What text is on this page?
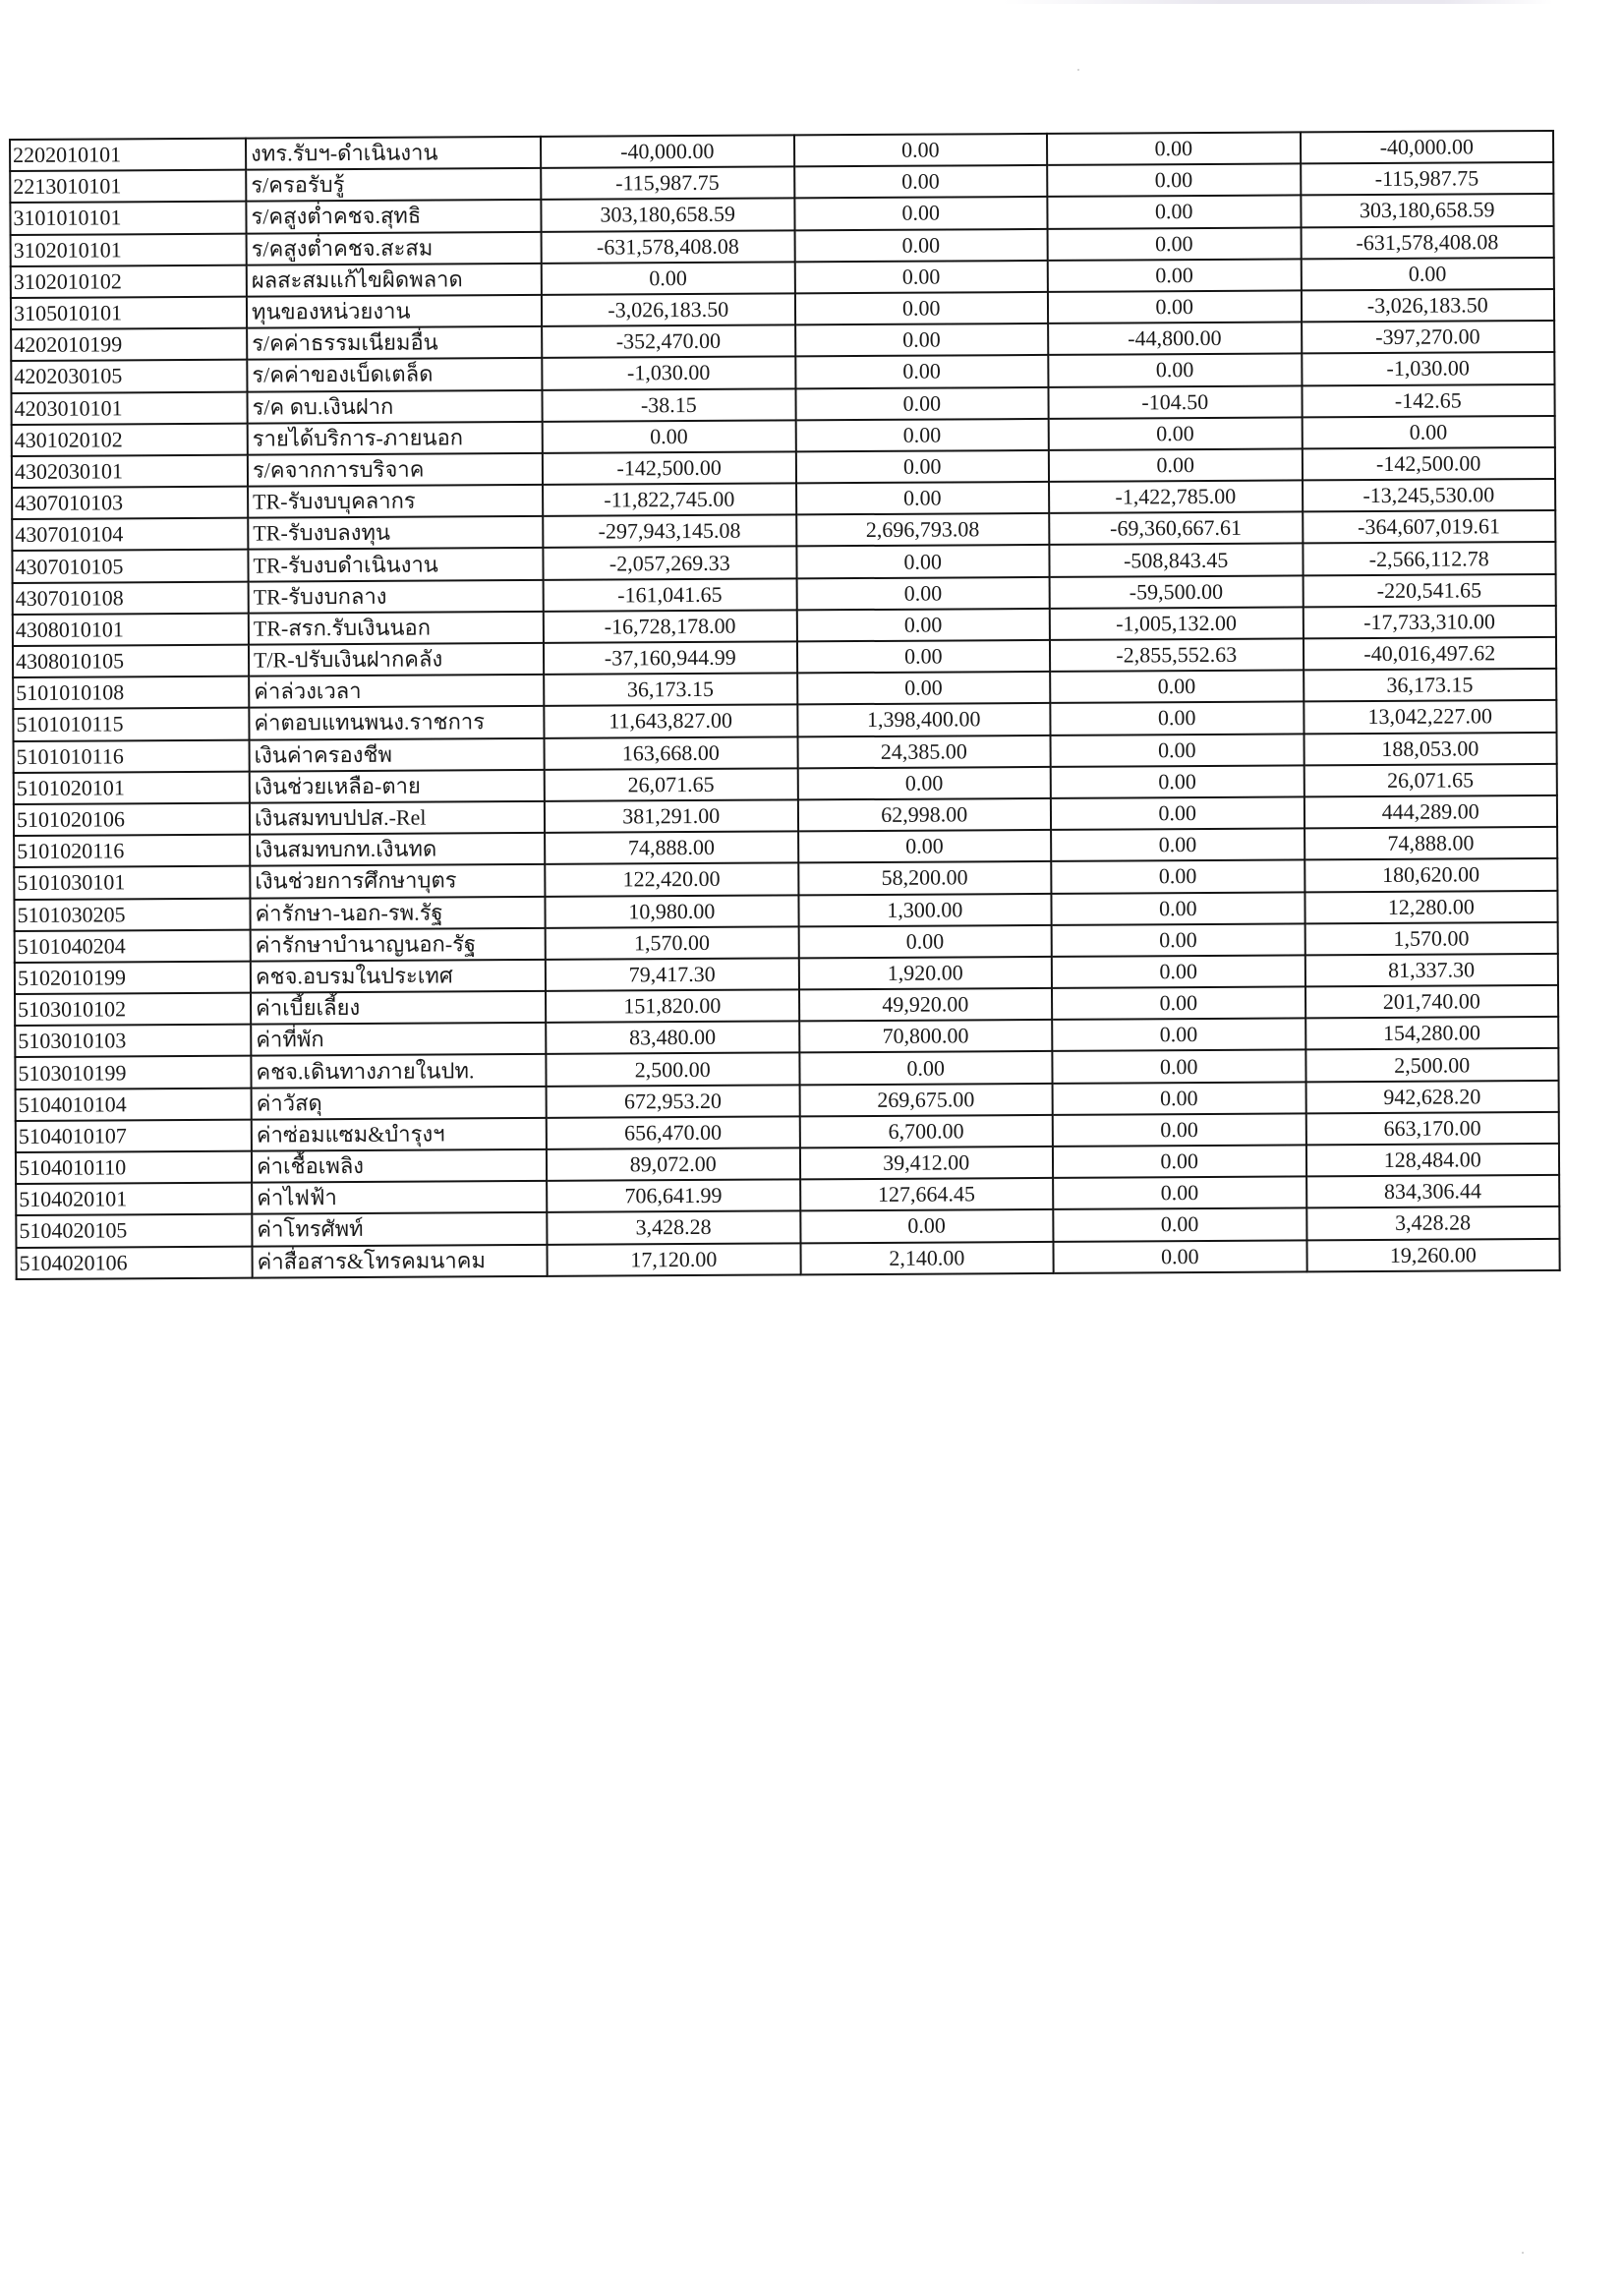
2202010101	งทร.รับฯ-ดำเนินงาน	-40,000.00	0.00	0.00	-40,000.00
2213010101	ร/ครอรับรู้	-115,987.75	0.00	0.00	-115,987.75
3101010101	ร/คสูงต่ำคชจ.สุทธิ	303,180,658.59	0.00	0.00	303,180,658.59
3102010101	ร/คสูงต่ำคชจ.สะสม	-631,578,408.08	0.00	0.00	-631,578,408.08
3102010102	ผลสะสมแก้ไขผิดพลาด	0.00	0.00	0.00	0.00
3105010101	ทุนของหน่วยงาน	-3,026,183.50	0.00	0.00	-3,026,183.50
4202010199	ร/คค่าธรรมเนียมอื่น	-352,470.00	0.00	-44,800.00	-397,270.00
4202030105	ร/คค่าของเบ็ดเตล็ด	-1,030.00	0.00	0.00	-1,030.00
4203010101	ร/ค ดบ.เงินฝาก	-38.15	0.00	-104.50	-142.65
4301020102	รายได้บริการ-ภายนอก	0.00	0.00	0.00	0.00
4302030101	ร/คจากการบริจาค	-142,500.00	0.00	0.00	-142,500.00
4307010103	TR-รับงบบุคลากร	-11,822,745.00	0.00	-1,422,785.00	-13,245,530.00
4307010104	TR-รับงบลงทุน	-297,943,145.08	2,696,793.08	-69,360,667.61	-364,607,019.61
4307010105	TR-รับงบดำเนินงาน	-2,057,269.33	0.00	-508,843.45	-2,566,112.78
4307010108	TR-รับงบกลาง	-161,041.65	0.00	-59,500.00	-220,541.65
4308010101	TR-สรก.รับเงินนอก	-16,728,178.00	0.00	-1,005,132.00	-17,733,310.00
4308010105	T/R-ปรับเงินฝากคลัง	-37,160,944.99	0.00	-2,855,552.63	-40,016,497.62
5101010108	ค่าล่วงเวลา	36,173.15	0.00	0.00	36,173.15
5101010115	ค่าตอบแทนพนง.ราชการ	11,643,827.00	1,398,400.00	0.00	13,042,227.00
5101010116	เงินค่าครองชีพ	163,668.00	24,385.00	0.00	188,053.00
5101020101	เงินช่วยเหลือ-ตาย	26,071.65	0.00	0.00	26,071.65
5101020106	เงินสมทบปปส.-Rel	381,291.00	62,998.00	0.00	444,289.00
5101020116	เงินสมทบกท.เงินทด	74,888.00	0.00	0.00	74,888.00
5101030101	เงินช่วยการศึกษาบุตร	122,420.00	58,200.00	0.00	180,620.00
5101030205	ค่ารักษา-นอก-รพ.รัฐ	10,980.00	1,300.00	0.00	12,280.00
5101040204	ค่ารักษาบำนาญนอก-รัฐ	1,570.00	0.00	0.00	1,570.00
5102010199	คชจ.อบรมในประเทศ	79,417.30	1,920.00	0.00	81,337.30
5103010102	ค่าเบี้ยเลี้ยง	151,820.00	49,920.00	0.00	201,740.00
5103010103	ค่าที่พัก	83,480.00	70,800.00	0.00	154,280.00
5103010199	คชจ.เดินทางภายในปท.	2,500.00	0.00	0.00	2,500.00
5104010104	ค่าวัสดุ	672,953.20	269,675.00	0.00	942,628.20
5104010107	ค่าซ่อมแซม&บำรุงฯ	656,470.00	6,700.00	0.00	663,170.00
5104010110	ค่าเชื้อเพลิง	89,072.00	39,412.00	0.00	128,484.00
5104020101	ค่าไฟฟ้า	706,641.99	127,664.45	0.00	834,306.44
5104020105	ค่าโทรศัพท์	3,428.28	0.00	0.00	3,428.28
5104020106	ค่าสื่อสาร&โทรคมนาคม	17,120.00	2,140.00	0.00	19,260.00
